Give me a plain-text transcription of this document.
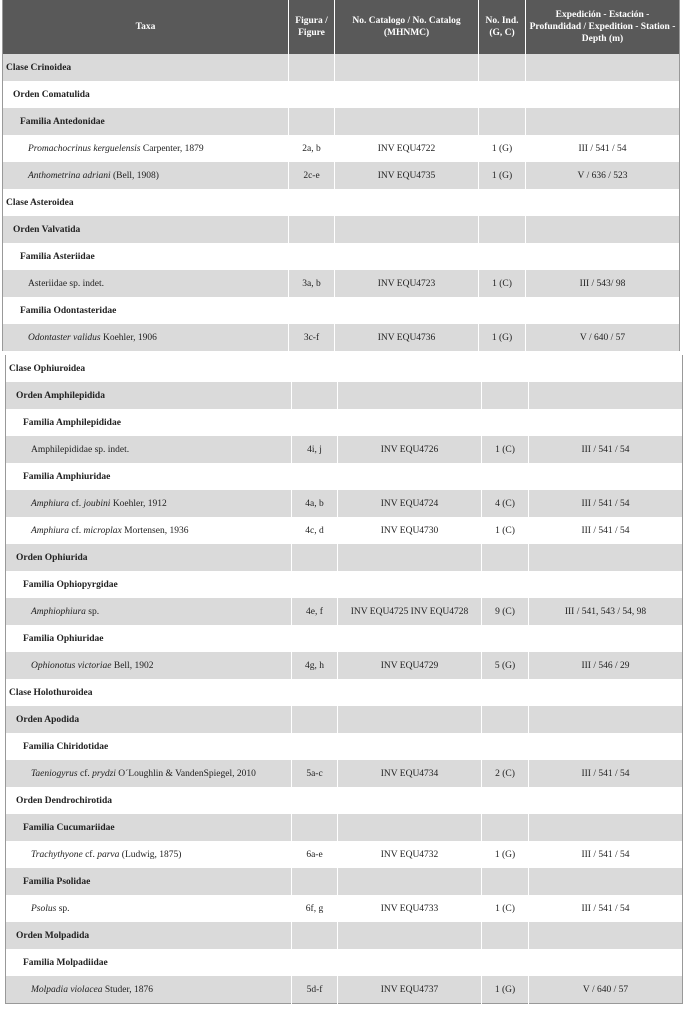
Taxa	Figura / Figure	No. Catalogo / No. Catalog (MHNMC)	No. Ind. (G, C)	Expedición - Estación - Profundidad / Expedition - Station - Depth (m)

Clase Crinoidea				
Orden Comatulida				
Familia Antedonidae				
Promachocrinus kerguelensis Carpenter, 1879	2a, b	INV EQU4722	1 (G)	III / 541 / 54
Anthometrina adriani (Bell, 1908)	2c-e	INV EQU4735	1 (G)	V / 636 / 523
Clase Asteroidea				
Orden Valvatida				
Familia Asteriidae				
Asteriidae sp. indet.	3a, b	INV EQU4723	1 (C)	III / 543/ 98
Familia Odontasteridae				
Odontaster validus Koehler, 1906	3c-f	INV EQU4736	1 (G)	V / 640 / 57
Clase Ophiuroidea				
Orden Amphilepidida				
Familia Amphilepididae				
Amphilepididae sp. indet.	4i, j	INV EQU4726	1 (C)	III / 541 / 54
Familia Amphiuridae				
Amphiura cf. joubini Koehler, 1912	4a, b	INV EQU4724	4 (C)	III / 541 / 54
Amphiura cf. microplax Mortensen, 1936	4c, d	INV EQU4730	1 (C)	III / 541 / 54
Orden Ophiurida				
Familia Ophiopyrgidae				
Amphiophiura sp.	4e, f	INV EQU4725 INV EQU4728	9 (C)	III / 541, 543 / 54, 98
Familia Ophiuridae				
Ophionotus victoriae Bell, 1902	4g, h	INV EQU4729	5 (G)	III / 546 / 29
Clase Holothuroidea				
Orden Apodida				
Familia Chiridotidae				
Taeniogyrus cf. prydzi O´Loughlin & VandenSpiegel, 2010	5a-c	INV EQU4734	2 (C)	III / 541 / 54
Orden Dendrochirotida				
Familia Cucumariidae				
Trachythyone cf. parva (Ludwig, 1875)	6a-e	INV EQU4732	1 (G)	III / 541 / 54
Familia Psolidae				
Psolus sp.	6f, g	INV EQU4733	1 (C)	III / 541 / 54
Orden Molpadida				
Familia Molpadiidae				
Molpadia violacea Studer, 1876	5d-f	INV EQU4737	1 (G)	V / 640 / 57
